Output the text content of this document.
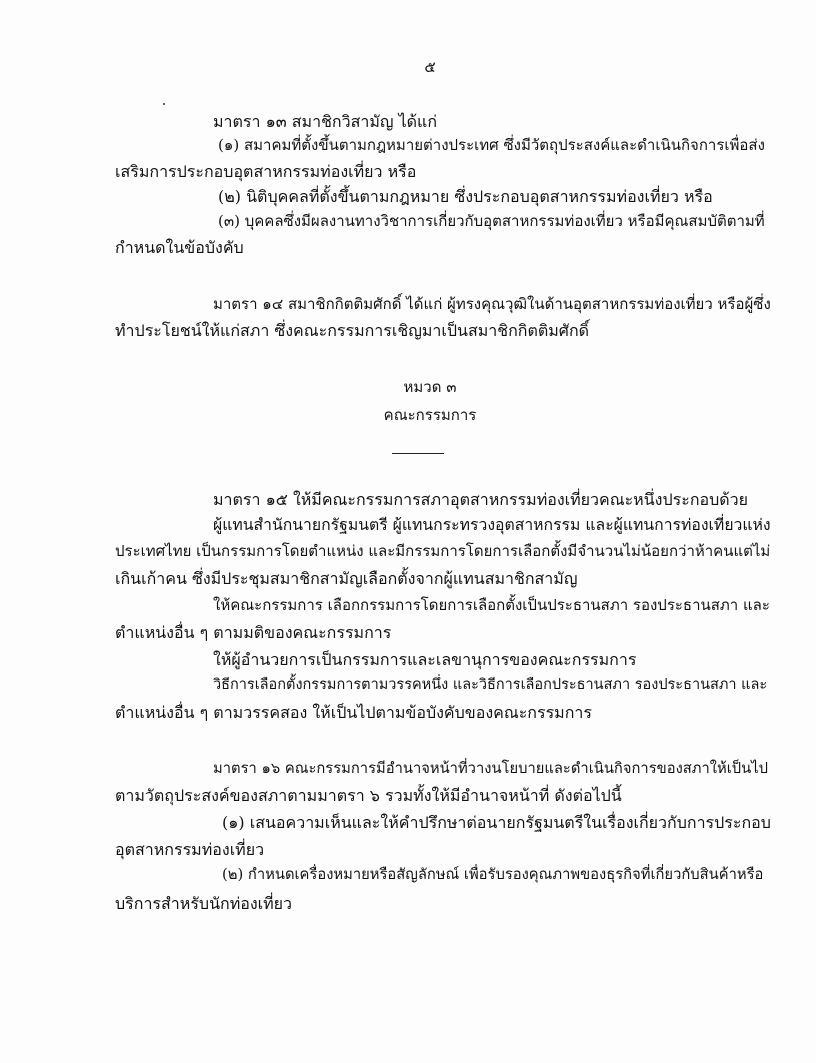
๕
มาตรา ๑๓ สมาชิกวิสามัญ ได้แก่
(๑) สมาคมที่ตั้งขึ้นตามกฎหมายต่างประเทศ ซึ่งมีวัตถุประสงค์และดำเนินกิจการเพื่อส่ง
เสริมการประกอบอุตสาหกรรมท่องเที่ยว หรือ
(๒) นิติบุคคลที่ตั้งขึ้นตามกฎหมาย ซึ่งประกอบอุตสาหกรรมท่องเที่ยว หรือ
(๓) บุคคลซึ่งมีผลงานทางวิชาการเกี่ยวกับอุตสาหกรรมท่องเที่ยว หรือมีคุณสมบัติตามที่
กำหนดในข้อบังคับ
มาตรา ๑๔ สมาชิกกิตติมศักดิ์ ได้แก่ ผู้ทรงคุณวุฒิในด้านอุตสาหกรรมท่องเที่ยว หรือผู้ซึ่ง
ทำประโยชน์ให้แก่สภา ซึ่งคณะกรรมการเชิญมาเป็นสมาชิกกิตติมศักดิ์
หมวด ๓
คณะกรรมการ
มาตรา ๑๕ ให้มีคณะกรรมการสภาอุตสาหกรรมท่องเที่ยวคณะหนึ่งประกอบด้วย
ผู้แทนสำนักนายกรัฐมนตรี ผู้แทนกระทรวงอุตสาหกรรม และผู้แทนการท่องเที่ยวแห่ง
ประเทศไทย เป็นกรรมการโดยตำแหน่ง และมีกรรมการโดยการเลือกตั้งมีจำนวนไม่น้อยกว่าห้าคนแต่ไม่
เกินเก้าคน ซึ่งมีประชุมสมาชิกสามัญเลือกตั้งจากผู้แทนสมาชิกสามัญ
ให้คณะกรรมการ เลือกกรรมการโดยการเลือกตั้งเป็นประธานสภา รองประธานสภา และ
ตำแหน่งอื่น ๆ ตามมติของคณะกรรมการ
ให้ผู้อำนวยการเป็นกรรมการและเลขานุการของคณะกรรมการ
วิธีการเลือกตั้งกรรมการตามวรรคหนึ่ง และวิธีการเลือกประธานสภา รองประธานสภา และ
ตำแหน่งอื่น ๆ ตามวรรคสอง ให้เป็นไปตามข้อบังคับของคณะกรรมการ
มาตรา ๑๖ คณะกรรมการมีอำนาจหน้าที่วางนโยบายและดำเนินกิจการของสภาให้เป็นไป
ตามวัตถุประสงค์ของสภาตามมาตรา ๖ รวมทั้งให้มีอำนาจหน้าที่ ดังต่อไปนี้
(๑) เสนอความเห็นและให้คำปรึกษาต่อนายกรัฐมนตรีในเรื่องเกี่ยวกับการประกอบ
อุตสาหกรรมท่องเที่ยว
(๒) กำหนดเครื่องหมายหรือสัญลักษณ์ เพื่อรับรองคุณภาพของธุรกิจที่เกี่ยวกับสินค้าหรือ
บริการสำหรับนักท่องเที่ยว
